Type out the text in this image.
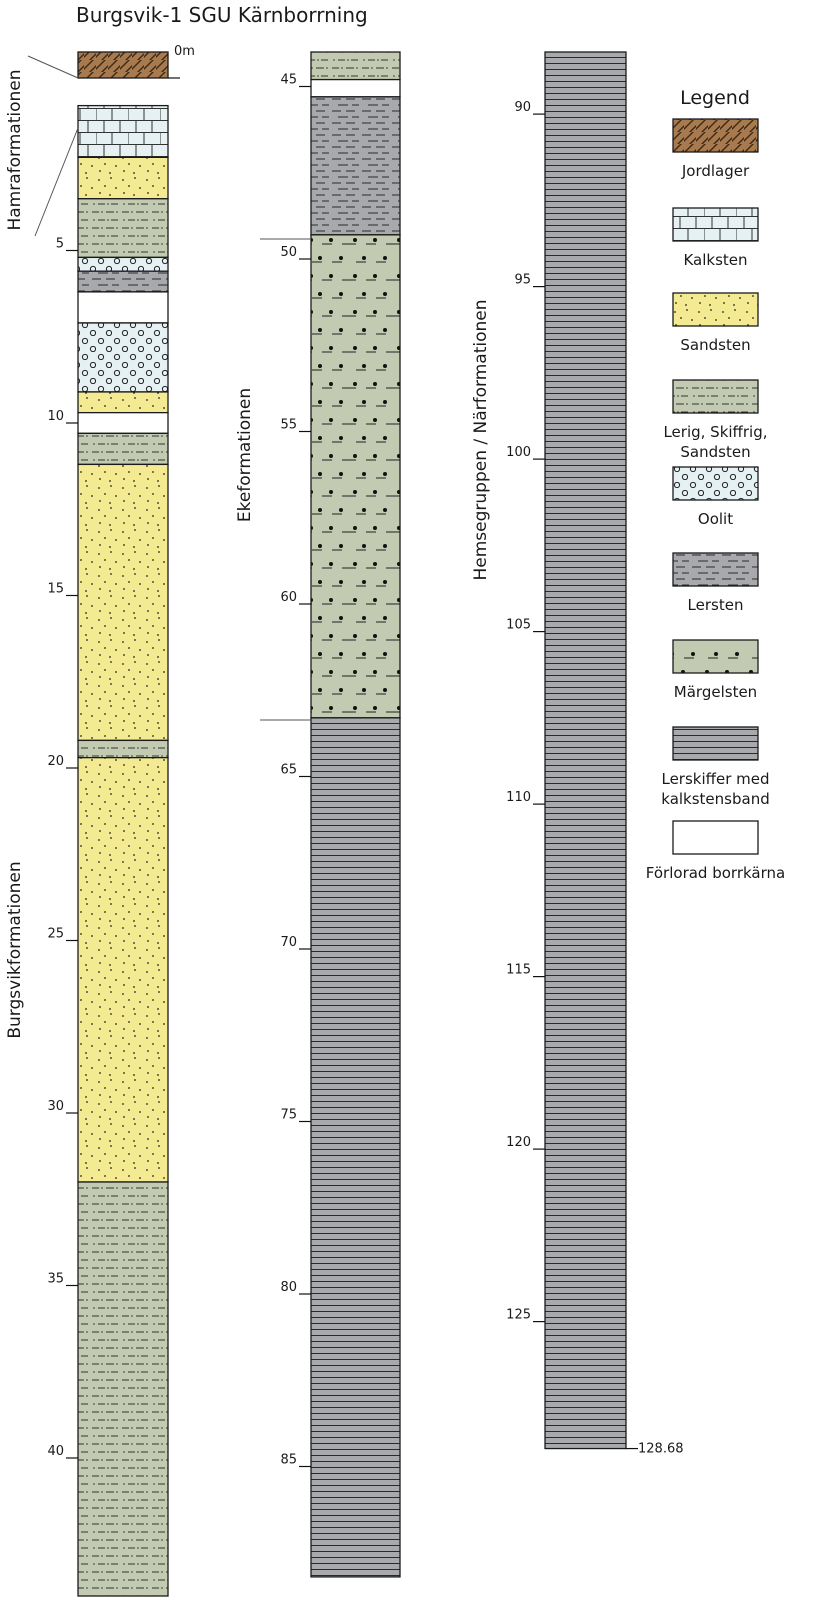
Burgsvik-1 SGU Kärnborrning
0m
5
10
15
20
25
30
35
40
45
50
55
60
65
70
75
80
85
90
95
100
105
110
115
120
125
128.68
Hamraformationen
Burgsvikformationen
Ekeformationen	Hemsegruppen / Närformationen
Legend
Jordlager
Kalksten
Sandsten
Lerig, Skiffrig,
Sandsten
Oolit
Lersten
Märgelsten
Lerskiffer med
kalkstensband
Förlorad borrkärna
